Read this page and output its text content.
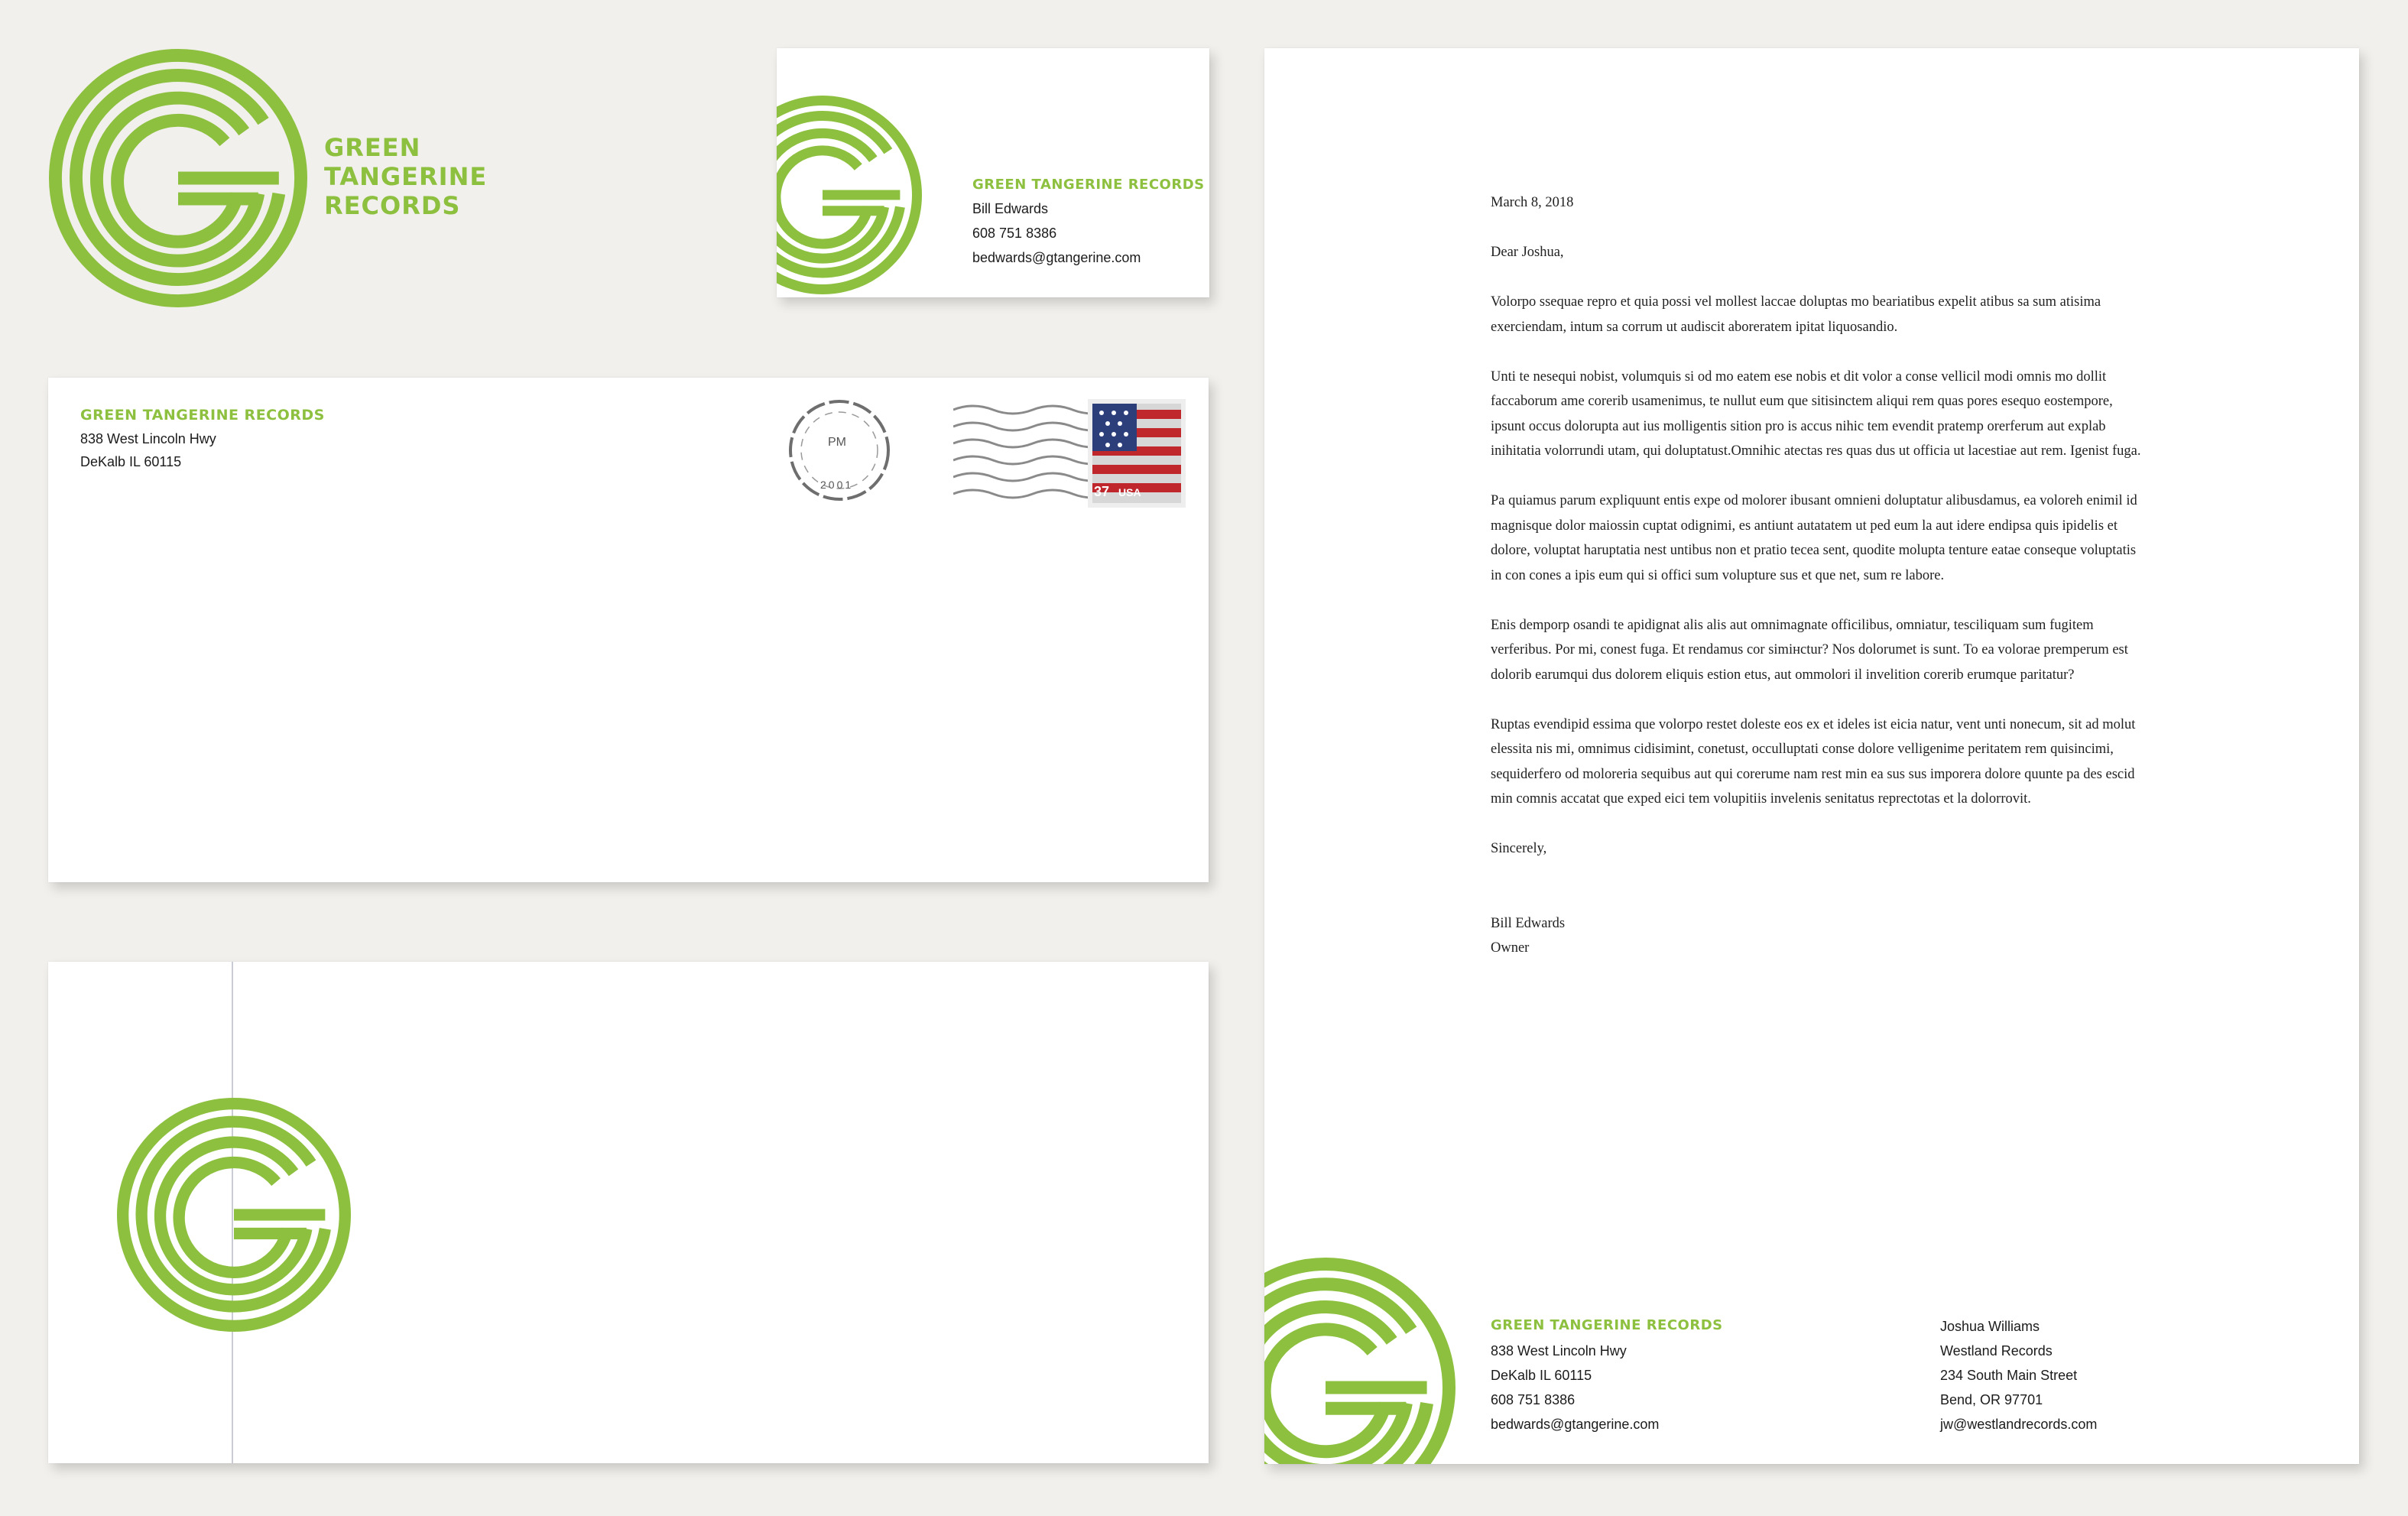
GREEN
TANGERINE
RECORDS
GREEN TANGERINE RECORDS
Bill Edwards
608 751 8386
bedwards@gtangerine.com
GREEN TANGERINE RECORDS
838 West Lincoln Hwy
DeKalb IL 60115
PM
2001	37 USA

March 8, 2018

Dear Joshua,

Volorpo ssequae repro et quia possi vel mollest laccae doluptas mo beariatibus expelit atibus sa sum atisima exerciendam, intum sa corrum ut audiscit aboreratem ipitat liquosandio.

Unti te nesequi nobist, volumquis si od mo eatem ese nobis et dit volor a conse vellicil modi omnis mo dollit faccaborum ame corerib usamenimus, te nullut eum que sitisinctem aliqui rem quas pores esequo eostempore, ipsunt occus dolorupta aut ius molligentis sition pro is accus nihic tem evendit pratemp orerferum aut explab inihitatia volorrundi utam, qui doluptatust.Omnihic atectas res quas dus ut officia ut lacestiae aut rem. Igenist fuga.

Pa quiamus parum expliquunt entis expe od molorer ibusant omnieni doluptatur alibusdamus, ea voloreh enimil id magnisque dolor maiossin cuptat odignimi, es antiunt autatatem ut ped eum la aut idere endipsa quis ipidelis et dolore, voluptat haruptatia nest untibus non et pratio tecea sent, quodite molupta tenture eatae conseque voluptatis in con cones a ipis eum qui si offici sum volupture sus et que net, sum re labore.

Enis demporp osandi te apidignat alis alis aut omnimagnate officilibus, omniatur, tesciliquam sum fugitem verferibus. Por mi, conest fuga. Et rendamus cor simінctur? Nos dolorumet is sunt. To ea volorae premperum est dolorib earumqui dus dolorem eliquis estion etus, aut ommolori il invelition corerib erumque paritatur?

Ruptas evendipid essima que volorpo restet doleste eos ex et ideles ist eicia natur, vent unti nonecum, sit ad molut elessita nis mi, omnimus cidisimint, conetust, occulluptati conse dolore velligenime peritatem rem quisincimi, sequiderfero od moloreria sequibus aut qui corerume nam rest min ea sus sus imporera dolore quunte pa des escid min comnis accatat que exped eici tem volupitiis invelenis senitatus reprectotas et la dolorrovit.

Sincerely,

Bill Edwards
Owner
GREEN TANGERINE RECORDS
838 West Lincoln Hwy
DeKalb IL 60115
608 751 8386
bedwards@gtangerine.com
Joshua Williams
Westland Records
234 South Main Street
Bend, OR 97701
jw@westlandrecords.com
